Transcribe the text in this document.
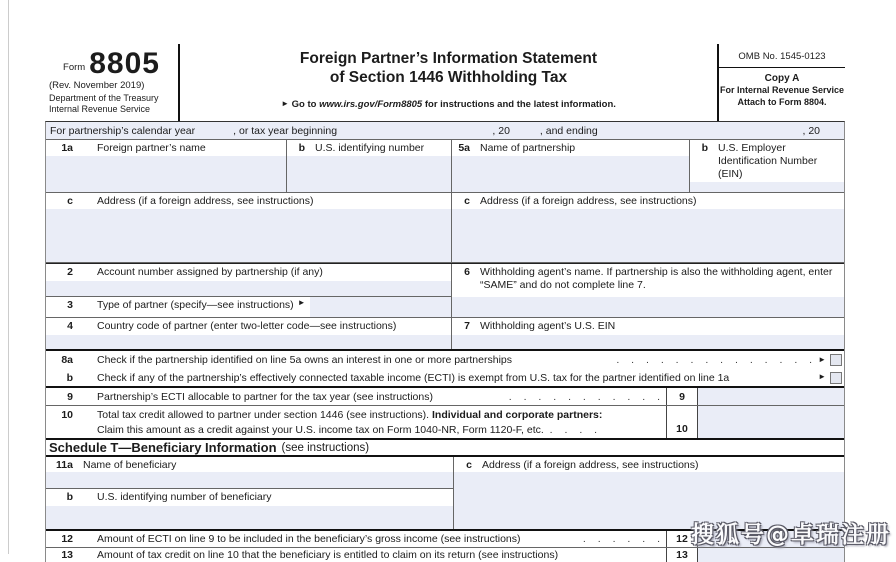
Form 8805
(Rev. November 2019)
Department of the Treasury
Internal Revenue Service
Foreign Partner’s Information Statement
of Section 1446 Withholding Tax
► Go to www.irs.gov/Form8805 for instructions and the latest information.
OMB No. 1545-0123
Copy A
For Internal Revenue Service
Attach to Form 8804.
For partnership’s calendar year	, or tax year beginning	, 20	, and ending	, 20
1a Foreign partner’s name	b U.S. identifying number	5a Name of partnership	b U.S. Employer Identification Number (EIN)
c Address (if a foreign address, see instructions)	c Address (if a foreign address, see instructions)
2 Account number assigned by partnership (if any)
3 Type of partner (specify—see instructions) ►
6 Withholding agent’s name. If partnership is also the withholding agent, enter “SAME” and do not complete line 7.
4 Country code of partner (enter two-letter code—see instructions)	7 Withholding agent’s U.S. EIN
8a Check if the partnership identified on line 5a owns an interest in one or more partnerships	. . . . . . . . . . . . . . ►
b Check if any of the partnership’s effectively connected taxable income (ECTI) is exempt from U.S. tax for the partner identified on line 1a	►
9 Partnership’s ECTI allocable to partner for the tax year (see instructions)	. . . . . . . . . . .	9
10 Total tax credit allowed to partner under section 1446 (see instructions). Individual and corporate partners:
Claim this amount as a credit against your U.S. income tax on Form 1040-NR, Form 1120-F, etc. . . . .	10
Schedule T—Beneficiary Information (see instructions)
11a Name of beneficiary
b U.S. identifying number of beneficiary
c Address (if a foreign address, see instructions)
12 Amount of ECTI on line 9 to be included in the beneficiary’s gross income (see instructions)	. . . . . .	12
13 Amount of tax credit on line 10 that the beneficiary is entitled to claim on its return (see instructions)	13
搜狐号@卓瑞注册
